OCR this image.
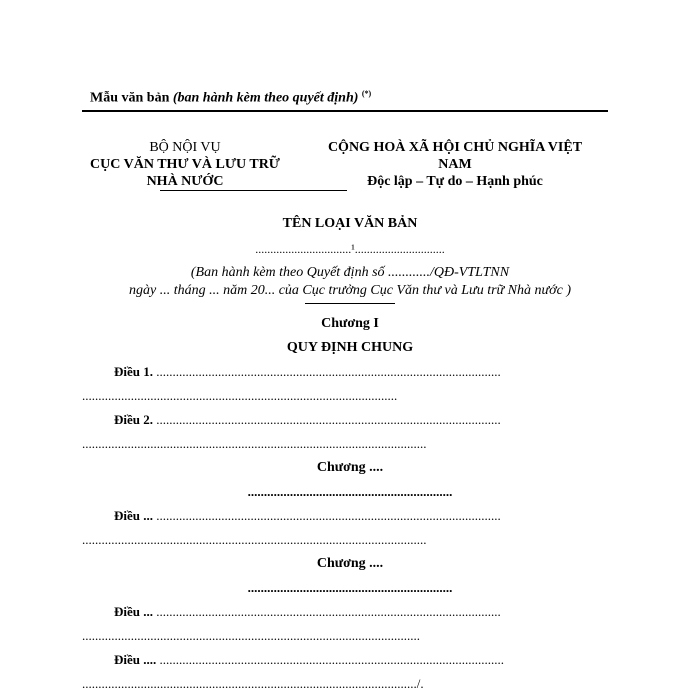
Mẫu văn bản (ban hành kèm theo quyết định) (*)
BỘ NỘI VỤ
CỤC VĂN THƯ VÀ LƯU TRỮ
NHÀ NƯỚC
CỘNG HOÀ XÃ HỘI CHỦ NGHĨA VIỆT
NAM
Độc lập – Tự do – Hạnh phúc
TÊN LOẠI VĂN BẢN
................................¹..............................
(Ban hành kèm theo Quyết định số ............/QĐ-VTLTNN
ngày ... tháng ... năm 20... của Cục trưởng Cục Văn thư và Lưu trữ Nhà nước )
Chương I
QUY ĐỊNH CHUNG
Điều 1. ..........................................................................................................
.................................................................................................
Điều 2. ..........................................................................................................
..........................................................................................................
Chương ....
...............................................................
Điều ... ..........................................................................................................
..........................................................................................................
Chương ....
...............................................................
Điều ... ..........................................................................................................
........................................................................................................
Điều .... ..........................................................................................................
......................................................................................................./.
